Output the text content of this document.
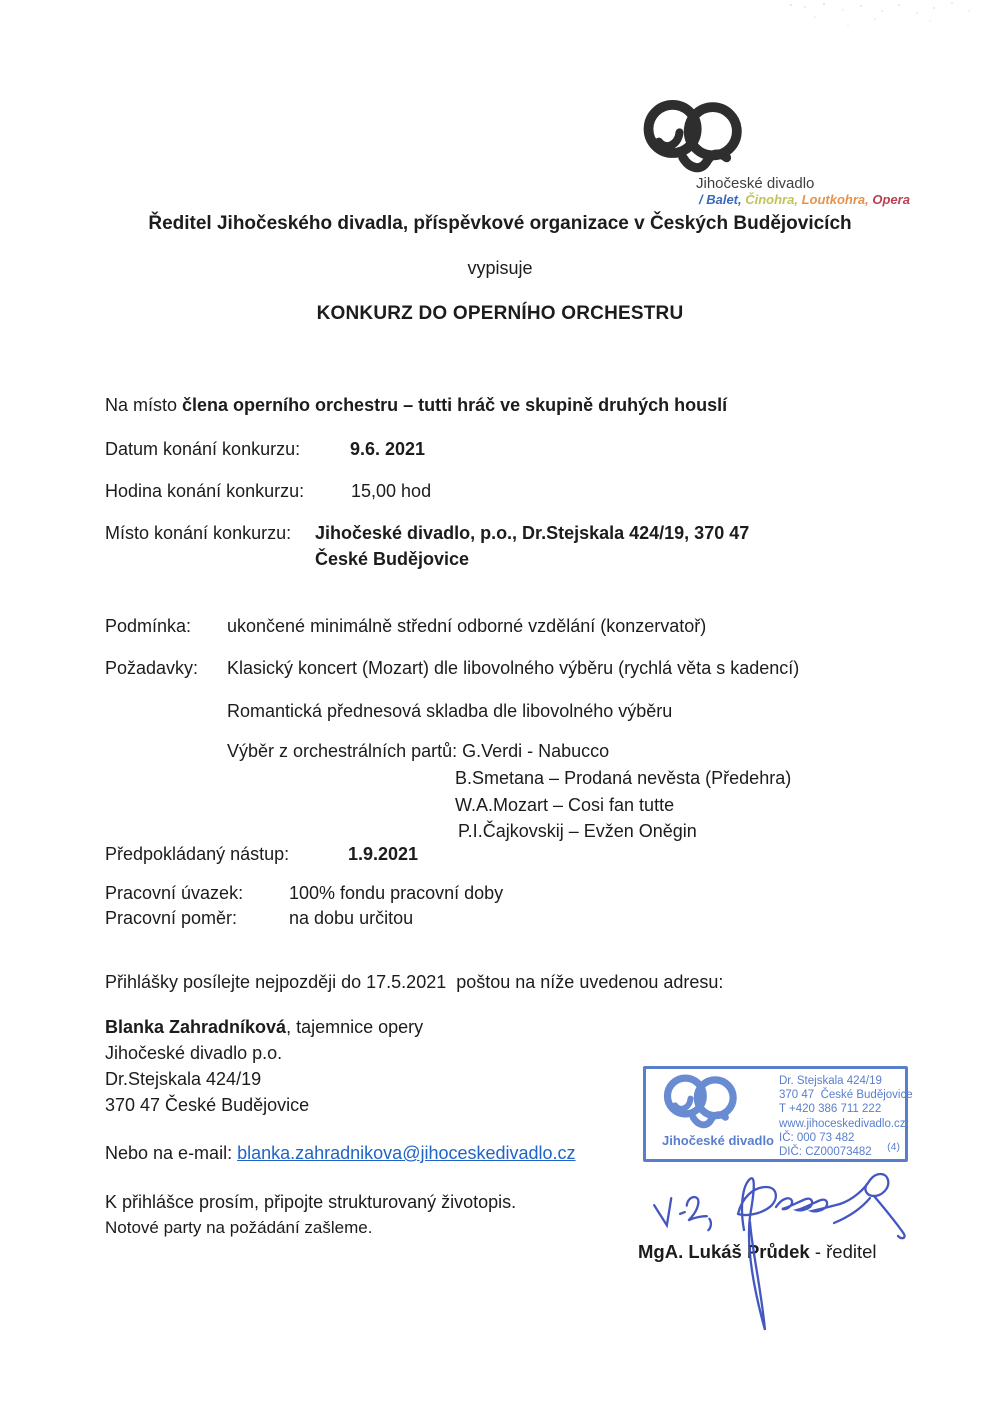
Jihočeské divadlo
/ Balet, Činohra, Loutkohra, Opera
Ředitel Jihočeského divadla, příspěvkové organizace v Českých Budějovicích
vypisuje
KONKURZ DO OPERNÍHO ORCHESTRU
Na místo člena operního orchestru – tutti hráč ve skupině druhých houslí
Datum konání konkurzu:	9.6. 2021
Hodina konání konkurzu:	15,00 hod
Místo konání konkurzu: Jihočeské divadlo, p.o., Dr.Stejskala 424/19, 370 47
České Budějovice
Podmínka: ukončené minimálně střední odborné vzdělání (konzervatoř)
Požadavky: Klasický koncert (Mozart) dle libovolného výběru (rychlá věta s kadencí)
Romantická přednesová skladba dle libovolného výběru
Výběr z orchestrálních partů: G.Verdi - Nabucco
B.Smetana – Prodaná nevěsta (Předehra)
W.A.Mozart – Cosi fan tutte
P.I.Čajkovskij – Evžen Oněgin
Předpokládaný nástup:	1.9.2021
Pracovní úvazek:	100% fondu pracovní doby
Pracovní poměr:	na dobu určitou
Přihlášky posílejte nejpozději do 17.5.2021  poštou na níže uvedenou adresu:
Blanka Zahradníková, tajemnice opery
Jihočeské divadlo p.o.
Dr.Stejskala 424/19
370 47 České Budějovice
Nebo na e-mail: blanka.zahradnikova@jihoceskedivadlo.cz
K přihlášce prosím, připojte strukturovaný životopis.
Notové party na požádání zašleme.
Jihočeské divadlo
Dr. Stejskala 424/19
370 47  České Budějovice
T +420 386 711 222
www.jihoceskedivadlo.cz
IČ: 000 73 482
DIČ: CZ00073482	(4)
MgA. Lukáš Průdek - ředitel
